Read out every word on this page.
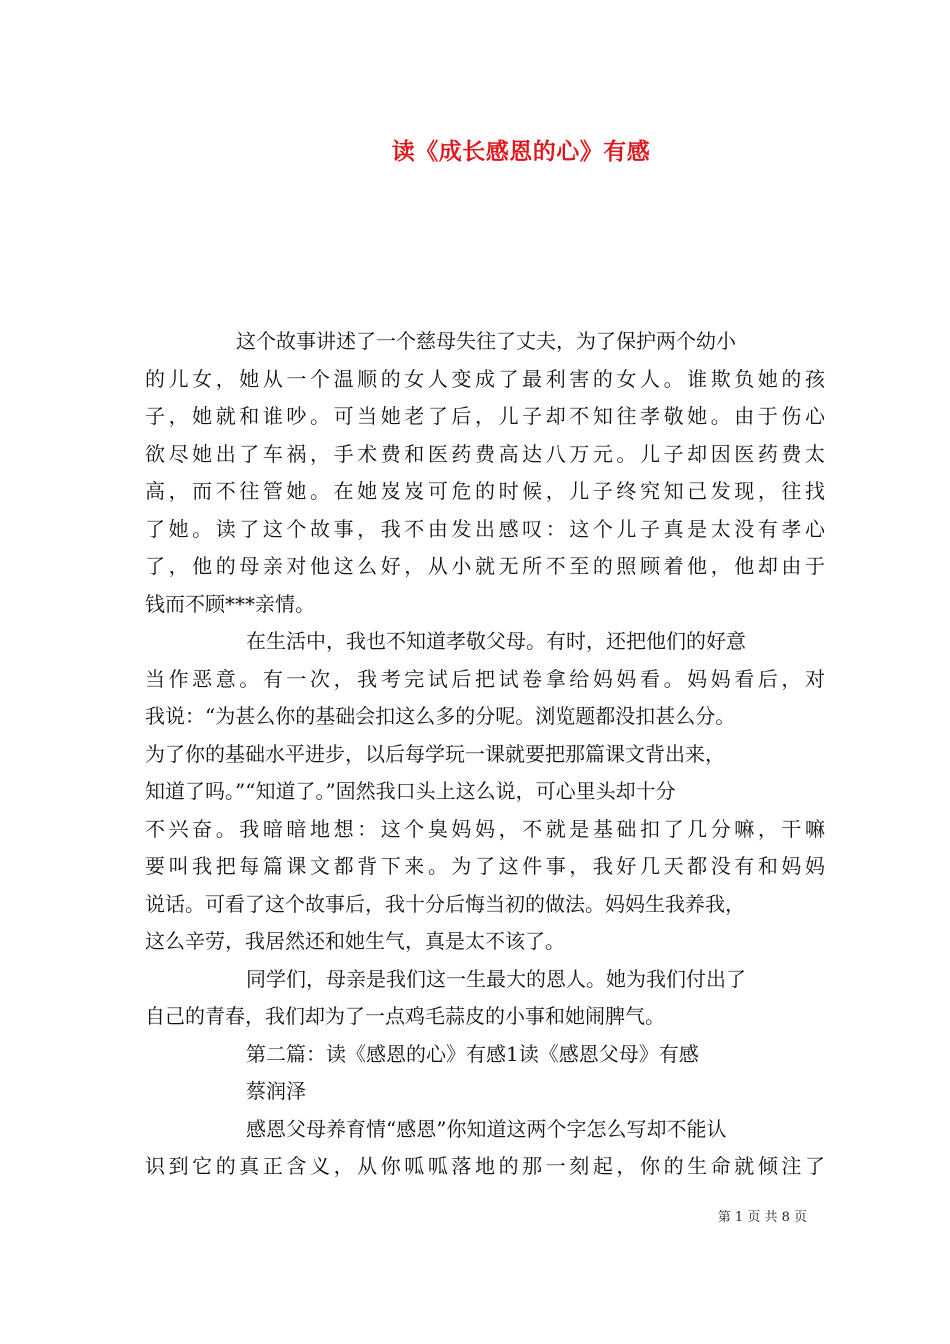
读《成长感恩的心》有感
这个故事讲述了一个慈母失往了丈夫，为了保护两个幼小
的儿女，她从一个温顺的女人变成了最利害的女人。谁欺负她的孩
子，她就和谁吵。可当她老了后，儿子却不知往孝敬她。由于伤心
欲尽她出了车祸，手术费和医药费高达八万元。儿子却因医药费太
高，而不往管她。在她岌岌可危的时候，儿子终究知己发现，往找
了她。读了这个故事，我不由发出感叹：这个儿子真是太没有孝心
了，他的母亲对他这么好，从小就无所不至的照顾着他，他却由于
钱而不顾***亲情。
在生活中，我也不知道孝敬父母。有时，还把他们的好意
当作恶意。有一次，我考完试后把试卷拿给妈妈看。妈妈看后，对
我说：“为甚么你的基础会扣这么多的分呢。浏览题都没扣甚么分。
为了你的基础水平进步，以后每学玩一课就要把那篇课文背出来，
知道了吗。”“知道了。”固然我口头上这么说，可心里头却十分
不兴奋。我暗暗地想：这个臭妈妈，不就是基础扣了几分嘛，干嘛
要叫我把每篇课文都背下来。为了这件事，我好几天都没有和妈妈
说话。可看了这个故事后，我十分后悔当初的做法。妈妈生我养我，
这么辛劳，我居然还和她生气，真是太不该了。
同学们，母亲是我们这一生最大的恩人。她为我们付出了
自己的青春，我们却为了一点鸡毛蒜皮的小事和她闹脾气。
第二篇：读《感恩的心》有感1读《感恩父母》有感
蔡润泽
感恩父母养育情“感恩”你知道这两个字怎么写却不能认
识到它的真正含义，从你呱呱落地的那一刻起，你的生命就倾注了
第 1 页 共 8 页
